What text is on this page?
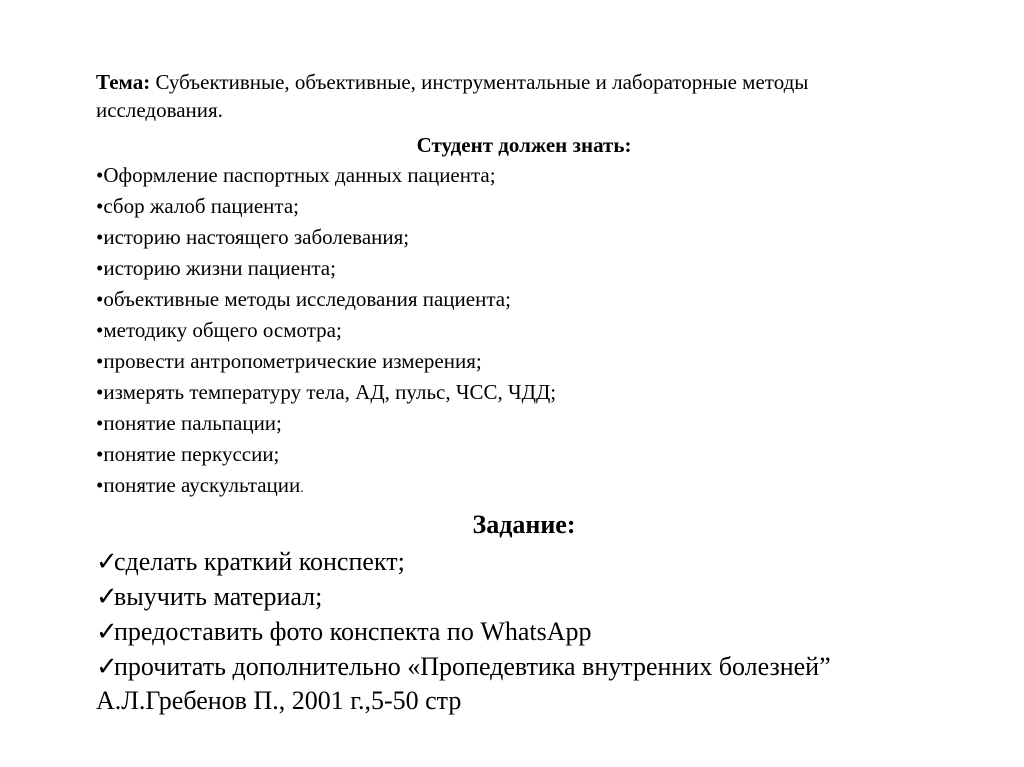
Тема: Субъективные, объективные, инструментальные и лабораторные методы исследования.

Студент должен знать:
•Оформление паспортных данных пациента;
•сбор жалоб пациента;
•историю настоящего заболевания;
•историю жизни пациента;
•объективные методы исследования пациента;
•методику общего осмотра;
•провести антропометрические измерения;
•измерять температуру тела, АД, пульс, ЧСС, ЧДД;
•понятие пальпации;
•понятие перкуссии;
•понятие аускультации.
Задание:
✓сделать краткий конспект;
✓выучить материал;
✓предоставить фото конспекта по WhatsApp
✓прочитать дополнительно «Пропедевтика внутренних болезней”

А.Л.Гребенов П., 2001 г.,5-50 стр
